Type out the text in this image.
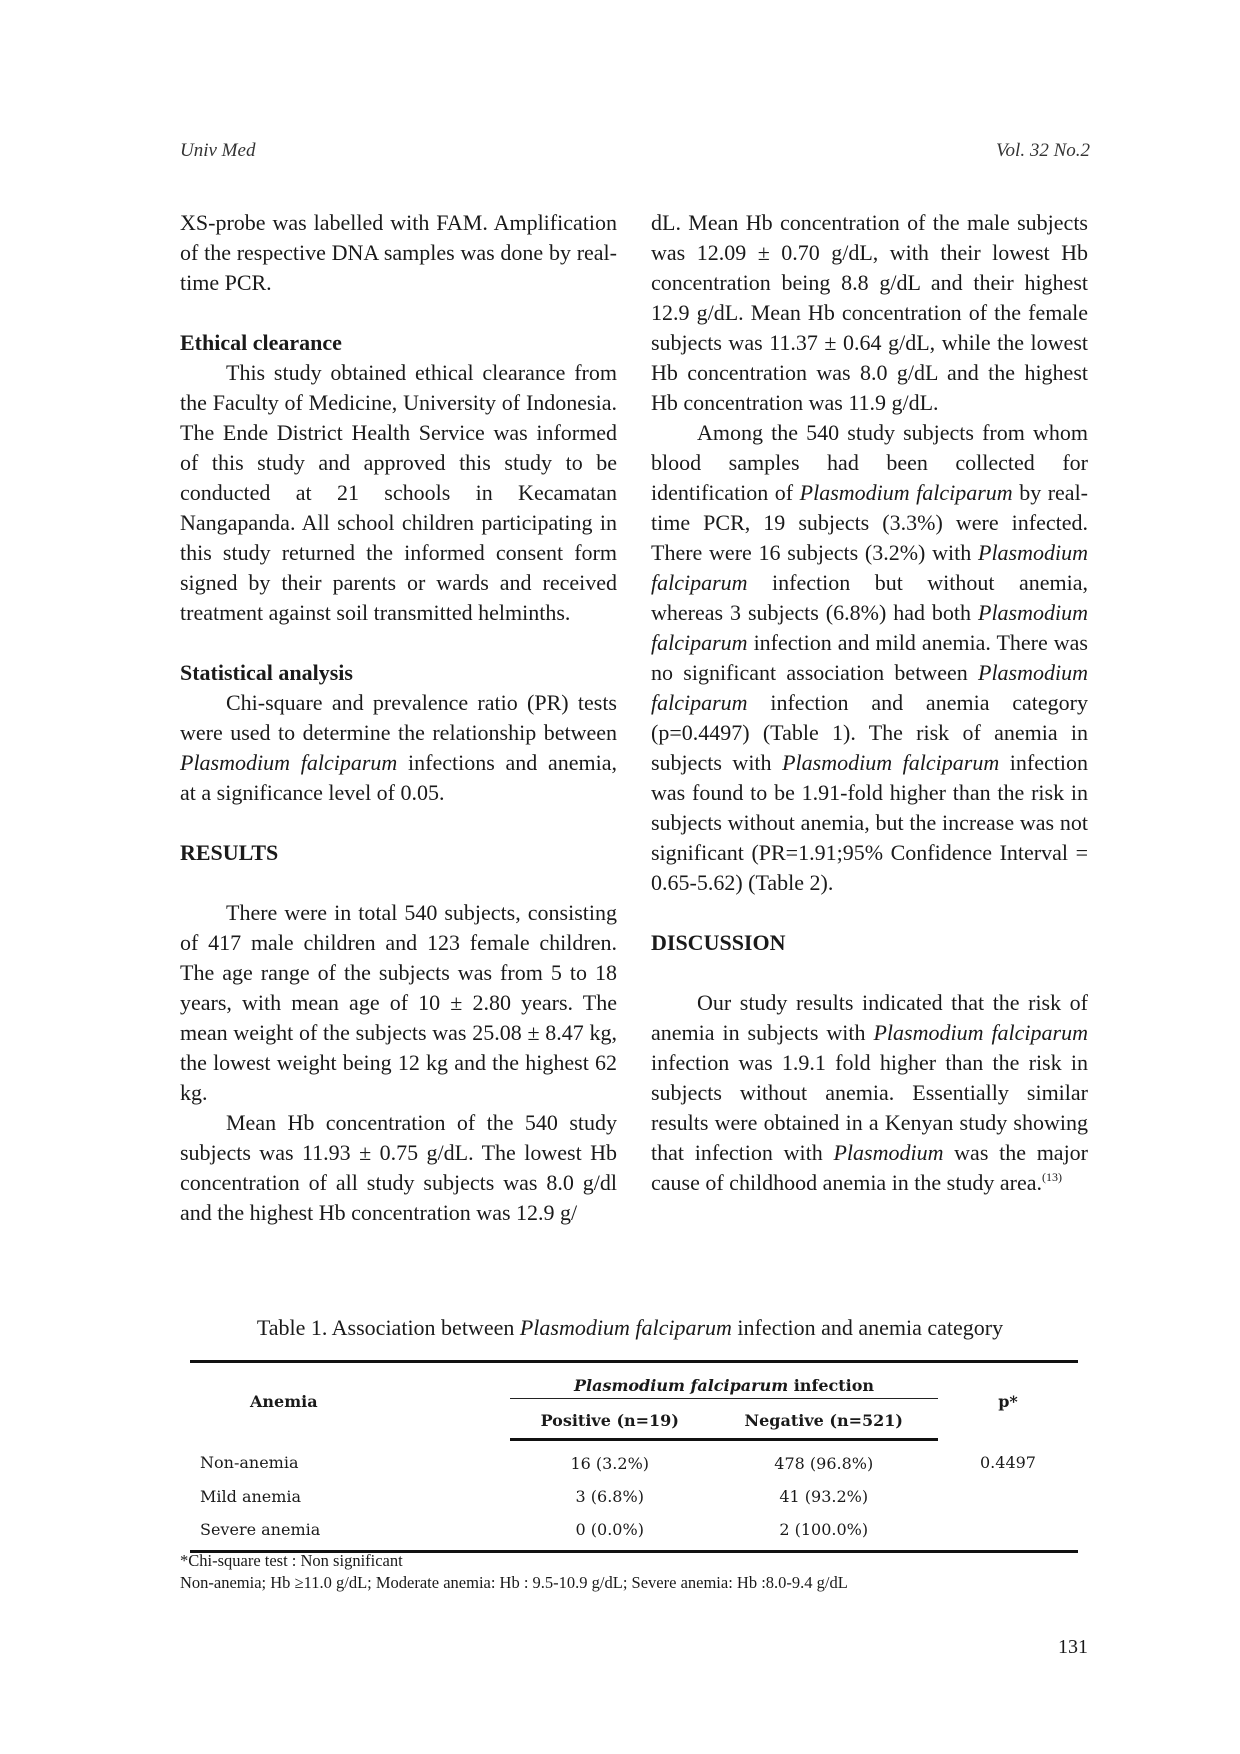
Univ Med	Vol. 32 No.2

XS-probe was labelled with FAM. Amplification of the respective DNA samples was done by real-time PCR.

Ethical clearance

This study obtained ethical clearance from the Faculty of Medicine, University of Indonesia. The Ende District Health Service was informed of this study and approved this study to be conducted at 21 schools in Kecamatan Nangapanda. All school children participating in this study returned the informed consent form signed by their parents or wards and received treatment against soil transmitted helminths.

Statistical analysis

Chi-square and prevalence ratio (PR) tests were used to determine the relationship between Plasmodium falciparum infections and anemia, at a significance level of 0.05.

RESULTS

There were in total 540 subjects, consisting of 417 male children and 123 female children. The age range of the subjects was from 5 to 18 years, with mean age of 10 ± 2.80 years. The mean weight of the subjects was 25.08 ± 8.47 kg, the lowest weight being 12 kg and the highest 62 kg.

Mean Hb concentration of the 540 study subjects was 11.93 ± 0.75 g/dL. The lowest Hb concentration of all study subjects was 8.0 g/dl and the highest Hb concentration was 12.9 g/

dL. Mean Hb concentration of the male subjects was 12.09 ± 0.70 g/dL, with their lowest Hb concentration being 8.8 g/dL and their highest 12.9 g/dL. Mean Hb concentration of the female subjects was 11.37 ± 0.64 g/dL, while the lowest Hb concentration was 8.0 g/dL and the highest Hb concentration was 11.9 g/dL.

Among the 540 study subjects from whom blood samples had been collected for identification of Plasmodium falciparum by real-time PCR, 19 subjects (3.3%) were infected. There were 16 subjects (3.2%) with Plasmodium falciparum infection but without anemia, whereas 3 subjects (6.8%) had both Plasmodium falciparum infection and mild anemia. There was no significant association between Plasmodium falciparum infection and anemia category (p=0.4497) (Table 1). The risk of anemia in subjects with Plasmodium falciparum infection was found to be 1.91-fold higher than the risk in subjects without anemia, but the increase was not significant (PR=1.91;95% Confidence Interval = 0.65-5.62) (Table 2).

DISCUSSION

Our study results indicated that the risk of anemia in subjects with Plasmodium falciparum infection was 1.9.1 fold higher than the risk in subjects without anemia. Essentially similar results were obtained in a Kenyan study showing that infection with Plasmodium was the major cause of childhood anemia in the study area.$^{(13)}$

Table 1. Association between Plasmodium falciparum infection and anemia category
Anemia	Plasmodium falciparum infection		p*
	Positive (n=19)	Negative (n=521)	
Non-anemia	16 (3.2%)	478 (96.8%)	0.4497
Mild anemia	3 (6.8%)	41 (93.2%)	
Severe anemia	0 (0.0%)	2 (100.0%)	
*Chi-square test : Non significant
Non-anemia; Hb ≥11.0 g/dL; Moderate anemia: Hb : 9.5-10.9 g/dL; Severe anemia: Hb :8.0-9.4 g/dL
131
